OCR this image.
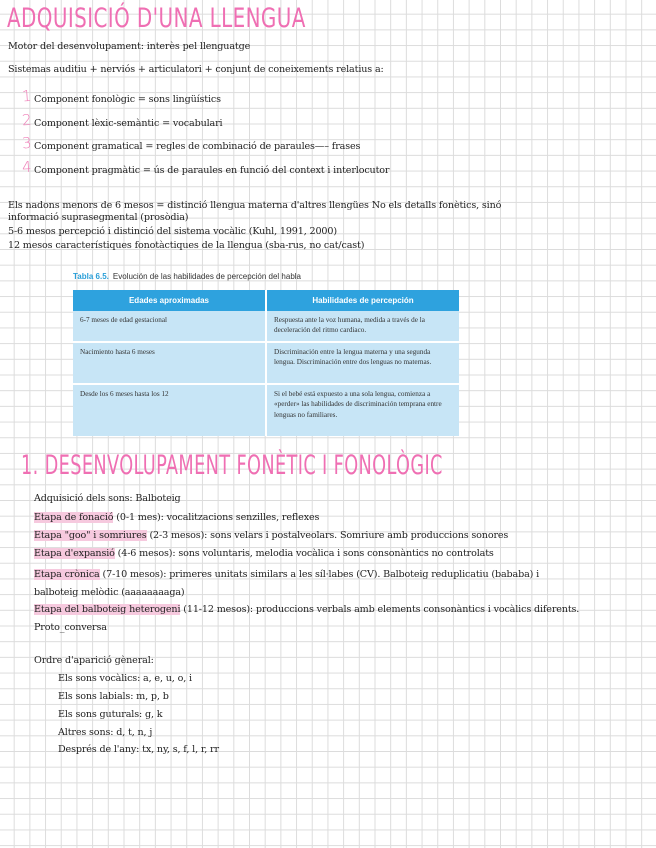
ADQUISICIÓ D'UNA LLENGUA
Motor del desenvolupament: interès pel llenguatge
Sistemas auditiu + nerviós + articulatori + conjunt de coneixements relatius a:
1 Component fonològic = sons lingüístics
2 Component lèxic-semàntic = vocabulari
3 Component gramatical = regles de combinació de paraules—– frases
4 Component pragmàtic = ús de paraules en funció del context i interlocutor
Els nadons menors de 6 mesos = distinció llengua materna d'altres llengües No els detalls fonètics, sinó
informació suprasegmental (prosòdia)
5-6 mesos percepció i distinció del sistema vocàlic (Kuhl, 1991, 2000)
12 mesos característiques fonotàctiques de la llengua (sba-rus, no cat/cast)
Tabla 6.5. Evolución de las habilidades de percepción del habla
Edades aproximadas	Habilidades de percepción
6-7 meses de edad gestacional	Respuesta ante la voz humana, medida a través de la deceleración del ritmo cardiaco.
Nacimiento hasta 6 meses	Discriminación entre la lengua materna y una segunda lengua. Discriminación entre dos lenguas no maternas.
Desde los 6 meses hasta los 12	Si el bebé está expuesto a una sola lengua, comienza a «perder» las habilidades de discriminación temprana entre lenguas no familiares.
1. DESENVOLUPAMENT FONÈTIC I FONOLÒGIC
Adquisició dels sons: Balboteig
Etapa de fonació (0-1 mes): vocalitzacions senzilles, reflexes
Etapa "goo" i somriures (2-3 mesos): sons velars i postalveolars. Somriure amb produccions sonores
Etapa d'expansió (4-6 mesos): sons voluntaris, melodia vocàlica i sons consonàntics no controlats
Etapa crònica (7-10 mesos): primeres unitats similars a les síl·labes (CV). Balboteig reduplicatiu (bababa) i balboteig melòdic (aaaaaaaaga)
Etapa del balboteig heterogeni (11-12 mesos): produccions verbals amb elements consonàntics i vocàlics diferents. Proto_conversa
Ordre d'aparició gèneral:
Els sons vocàlics: a, e, u, o, i
Els sons labials: m, p, b
Els sons guturals: g, k
Altres sons: d, t, n, j
Després de l'any: tx, ny, s, f, l, r, rr
